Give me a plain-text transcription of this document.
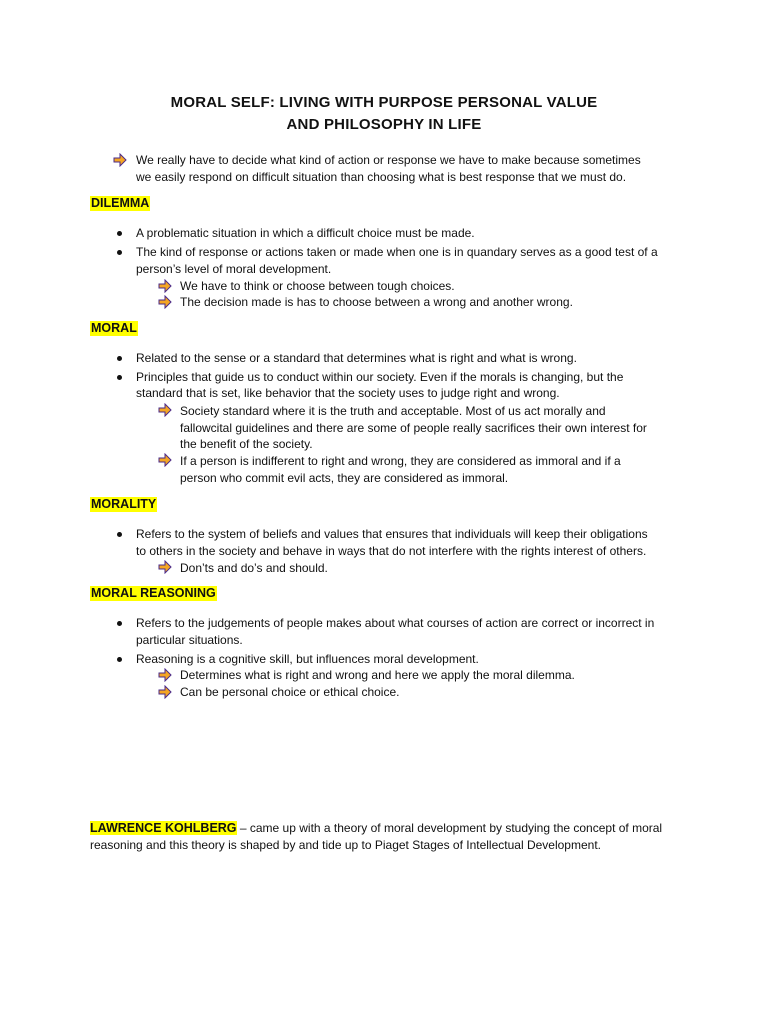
MORAL SELF: LIVING WITH PURPOSE PERSONAL VALUE
AND PHILOSOPHY IN LIFE
We really have to decide what kind of action or response we have to make because sometimes
we easily respond on difficult situation than choosing what is best response that we must do.
DILEMMA
A problematic situation in which a difficult choice must be made.
The kind of response or actions taken or made when one is in quandary serves as a good test of a
person’s level of moral development.
We have to think or choose between tough choices.
The decision made is has to choose between a wrong and another wrong.
MORAL
Related to the sense or a standard that determines what is right and what is wrong.
Principles that guide us to conduct within our society. Even if the morals is changing, but the
standard that is set, like behavior that the society uses to judge right and wrong.
Society standard where it is the truth and acceptable. Most of us act morally and
fallowcital guidelines and there are some of people really sacrifices their own interest for
the benefit of the society.
If a person is indifferent to right and wrong, they are considered as immoral and if a
person who commit evil acts, they are considered as immoral.
MORALITY
Refers to the system of beliefs and values that ensures that individuals will keep their obligations
to others in the society and behave in ways that do not interfere with the rights interest of others.
Don’ts and do’s and should.
MORAL REASONING
Refers to the judgements of people makes about what courses of action are correct or incorrect in
particular situations.
Reasoning is a cognitive skill, but influences moral development.
Determines what is right and wrong and here we apply the moral dilemma.
Can be personal choice or ethical choice.
LAWRENCE KOHLBERG – came up with a theory of moral development by studying the concept of moral
reasoning and this theory is shaped by and tide up to Piaget Stages of Intellectual Development.
